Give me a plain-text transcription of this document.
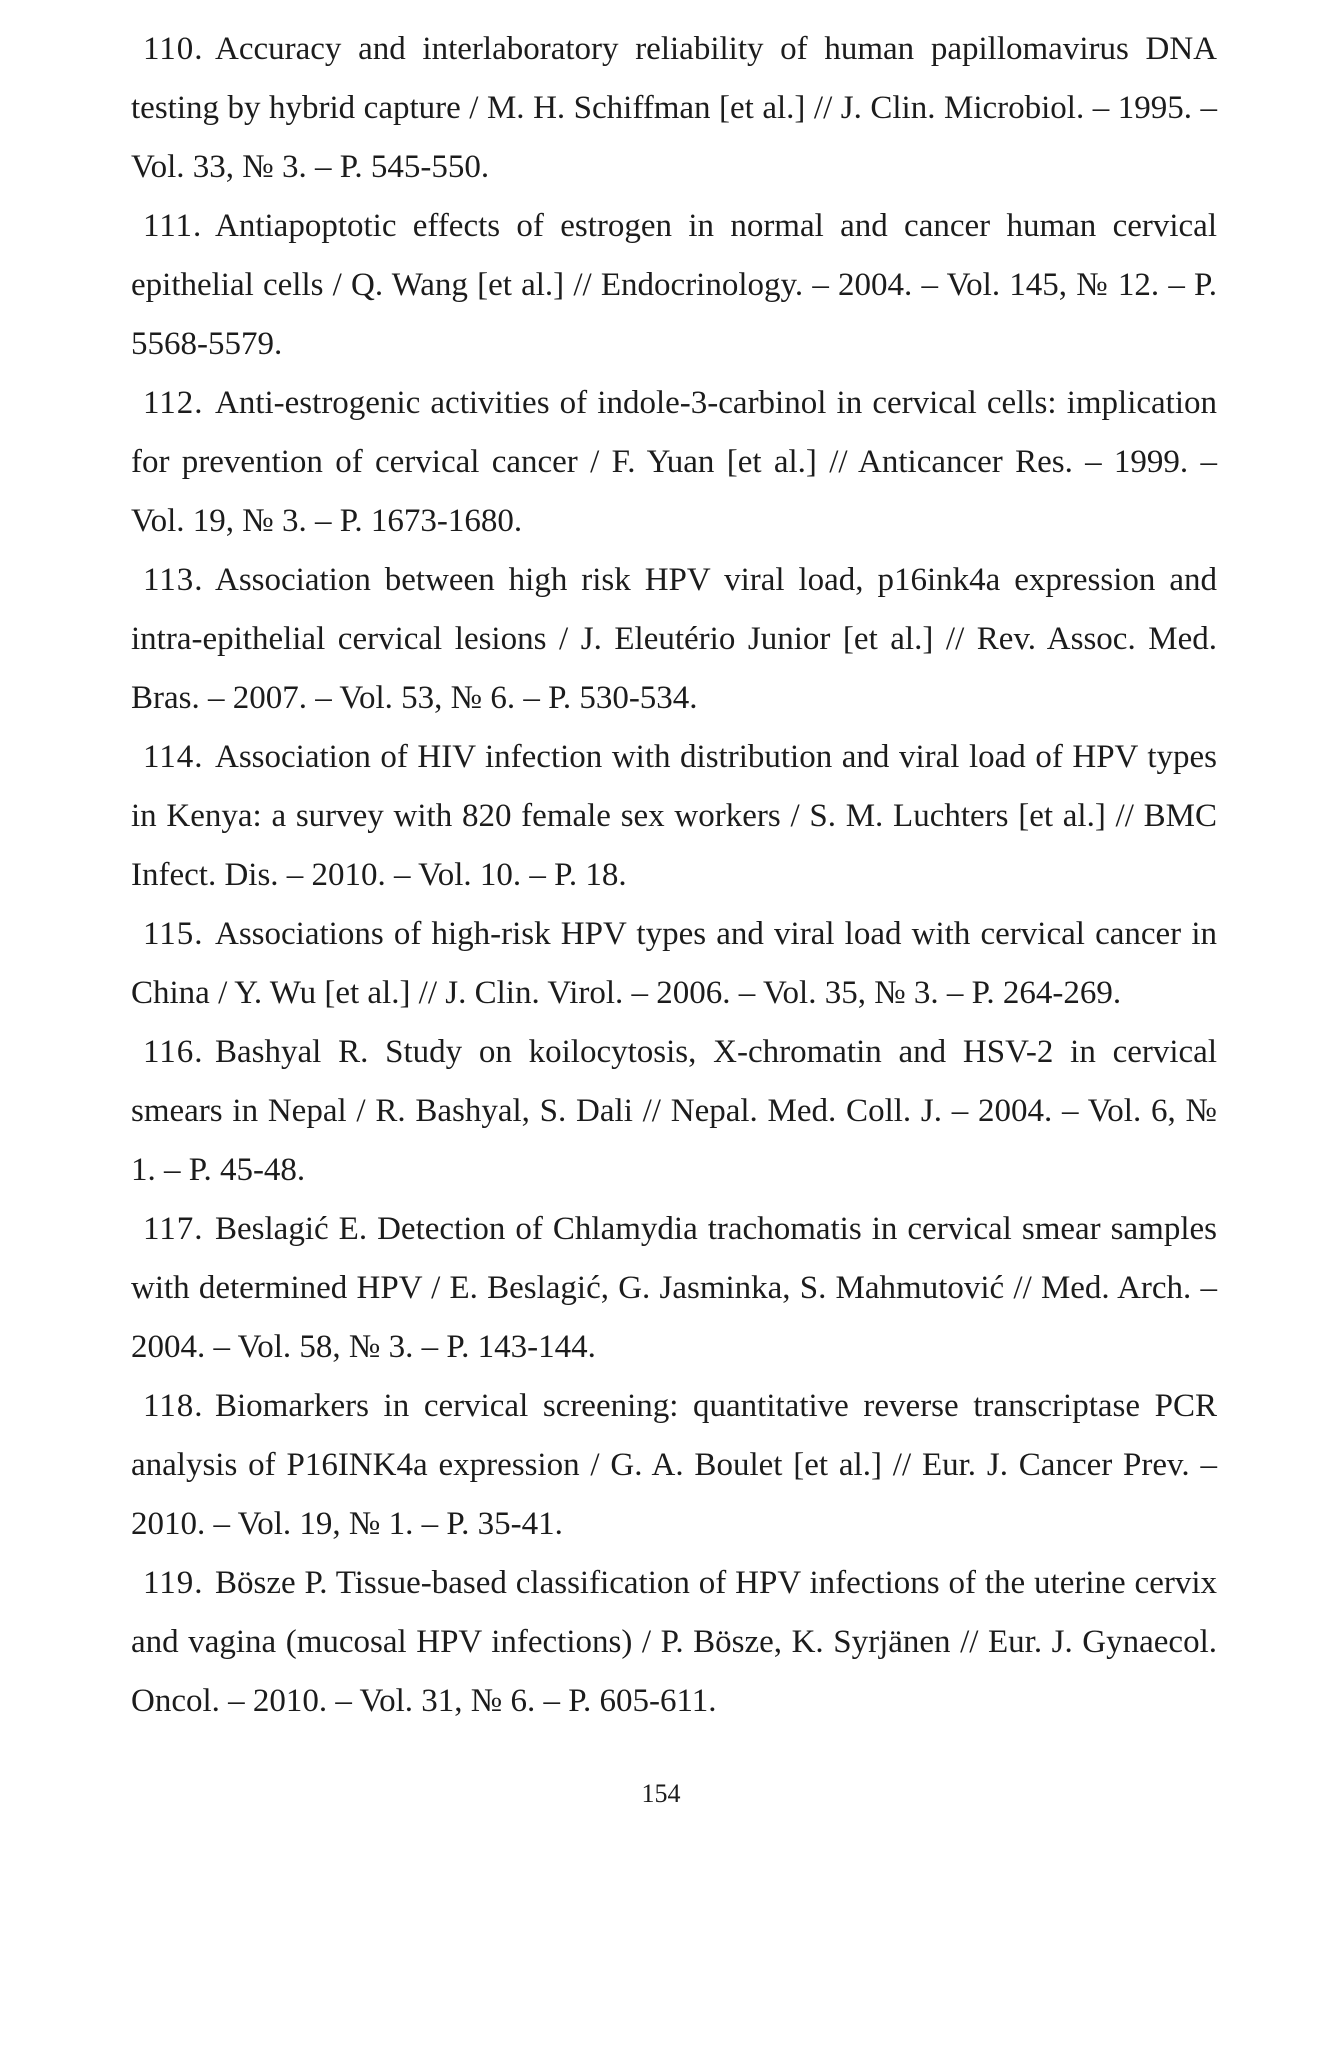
110. Accuracy and interlaboratory reliability of human papillomavirus DNA testing by hybrid capture / M. H. Schiffman [et al.] // J. Clin. Microbiol. – 1995. – Vol. 33, № 3. – P. 545-550.

111. Antiapoptotic effects of estrogen in normal and cancer human cervical epithelial cells / Q. Wang [et al.] // Endocrinology. – 2004. – Vol. 145, № 12. – P. 5568-5579.

112. Anti-estrogenic activities of indole-3-carbinol in cervical cells: implication for prevention of cervical cancer / F. Yuan [et al.] // Anticancer Res. – 1999. – Vol. 19, № 3. – P. 1673-1680.

113. Association between high risk HPV viral load, p16ink4a expression and intra-epithelial cervical lesions / J. Eleutério Junior [et al.] // Rev. Assoc. Med. Bras. – 2007. – Vol. 53, № 6. – P. 530-534.

114. Association of HIV infection with distribution and viral load of HPV types in Kenya: a survey with 820 female sex workers / S. M. Luchters [et al.] // BMC Infect. Dis. – 2010. – Vol. 10. – P. 18.

115. Associations of high-risk HPV types and viral load with cervical cancer in China / Y. Wu [et al.] // J. Clin. Virol. – 2006. – Vol. 35, № 3. – P. 264-269.

116. Bashyal R. Study on koilocytosis, X-chromatin and HSV-2 in cervical smears in Nepal / R. Bashyal, S. Dali // Nepal. Med. Coll. J. – 2004. – Vol. 6, № 1. – P. 45-48.

117. Beslagić E. Detection of Chlamydia trachomatis in cervical smear samples with determined HPV / E. Beslagić, G. Jasminka, S. Mahmutović // Med. Arch. – 2004. – Vol. 58, № 3. – P. 143-144.

118. Biomarkers in cervical screening: quantitative reverse transcriptase PCR analysis of P16INK4a expression / G. A. Boulet [et al.] // Eur. J. Cancer Prev. – 2010. – Vol. 19, № 1. – P. 35-41.

119. Bösze P. Tissue-based classification of HPV infections of the uterine cervix and vagina (mucosal HPV infections) / P. Bösze, K. Syrjänen // Eur. J. Gynaecol. Oncol. – 2010. – Vol. 31, № 6. – P. 605-611.

154
